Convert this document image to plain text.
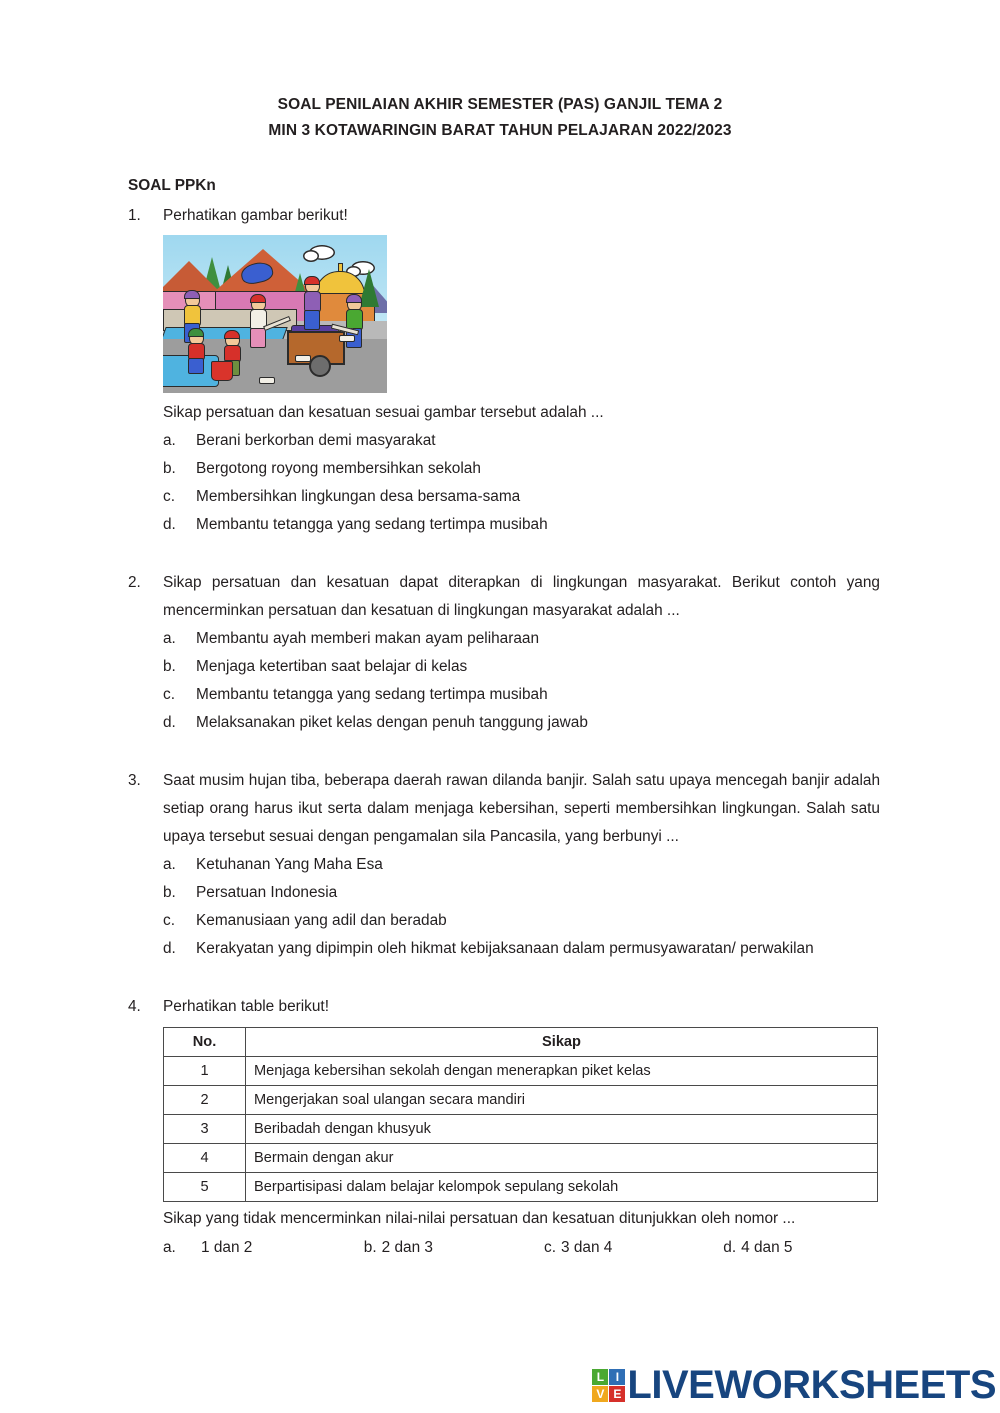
SOAL PENILAIAN AKHIR SEMESTER (PAS) GANJIL TEMA 2
MIN 3 KOTAWARINGIN BARAT TAHUN PELAJARAN 2022/2023
SOAL PPKn
1.	Perhatikan gambar berikut!
Sikap persatuan dan kesatuan sesuai gambar tersebut adalah ...
a.	Berani berkorban demi masyarakat
b.	Bergotong royong membersihkan sekolah
c.	Membersihkan lingkungan desa bersama-sama
d.	Membantu tetangga yang sedang tertimpa musibah
2.	Sikap persatuan dan kesatuan dapat diterapkan di lingkungan masyarakat. Berikut contoh yang mencerminkan persatuan dan kesatuan di lingkungan masyarakat adalah ...
a.	Membantu ayah memberi makan ayam peliharaan
b.	Menjaga ketertiban saat belajar di kelas
c.	Membantu tetangga yang sedang tertimpa musibah
d.	Melaksanakan piket kelas dengan penuh tanggung jawab
3.	Saat musim hujan tiba, beberapa daerah rawan dilanda banjir. Salah satu upaya mencegah banjir adalah setiap orang harus ikut serta dalam menjaga kebersihan, seperti membersihkan lingkungan. Salah satu upaya tersebut sesuai dengan pengamalan sila Pancasila, yang berbunyi ...
a.	Ketuhanan Yang Maha Esa
b.	Persatuan Indonesia
c.	Kemanusiaan yang adil dan beradab
d.	Kerakyatan yang dipimpin oleh hikmat kebijaksanaan dalam permusyawaratan/ perwakilan
4.	Perhatikan table berikut!
No.	Sikap
1	Menjaga kebersihan sekolah dengan menerapkan piket kelas
2	Mengerjakan soal ulangan secara mandiri
3	Beribadah dengan khusyuk
4	Bermain dengan akur
5	Berpartisipasi dalam belajar kelompok sepulang sekolah
Sikap yang tidak mencerminkan nilai-nilai persatuan dan kesatuan ditunjukkan oleh nomor ...
a.	1 dan 2	b. 2 dan 3	c. 3 dan 4	d. 4 dan 5
L I
V E LIVEWORKSHEETS
